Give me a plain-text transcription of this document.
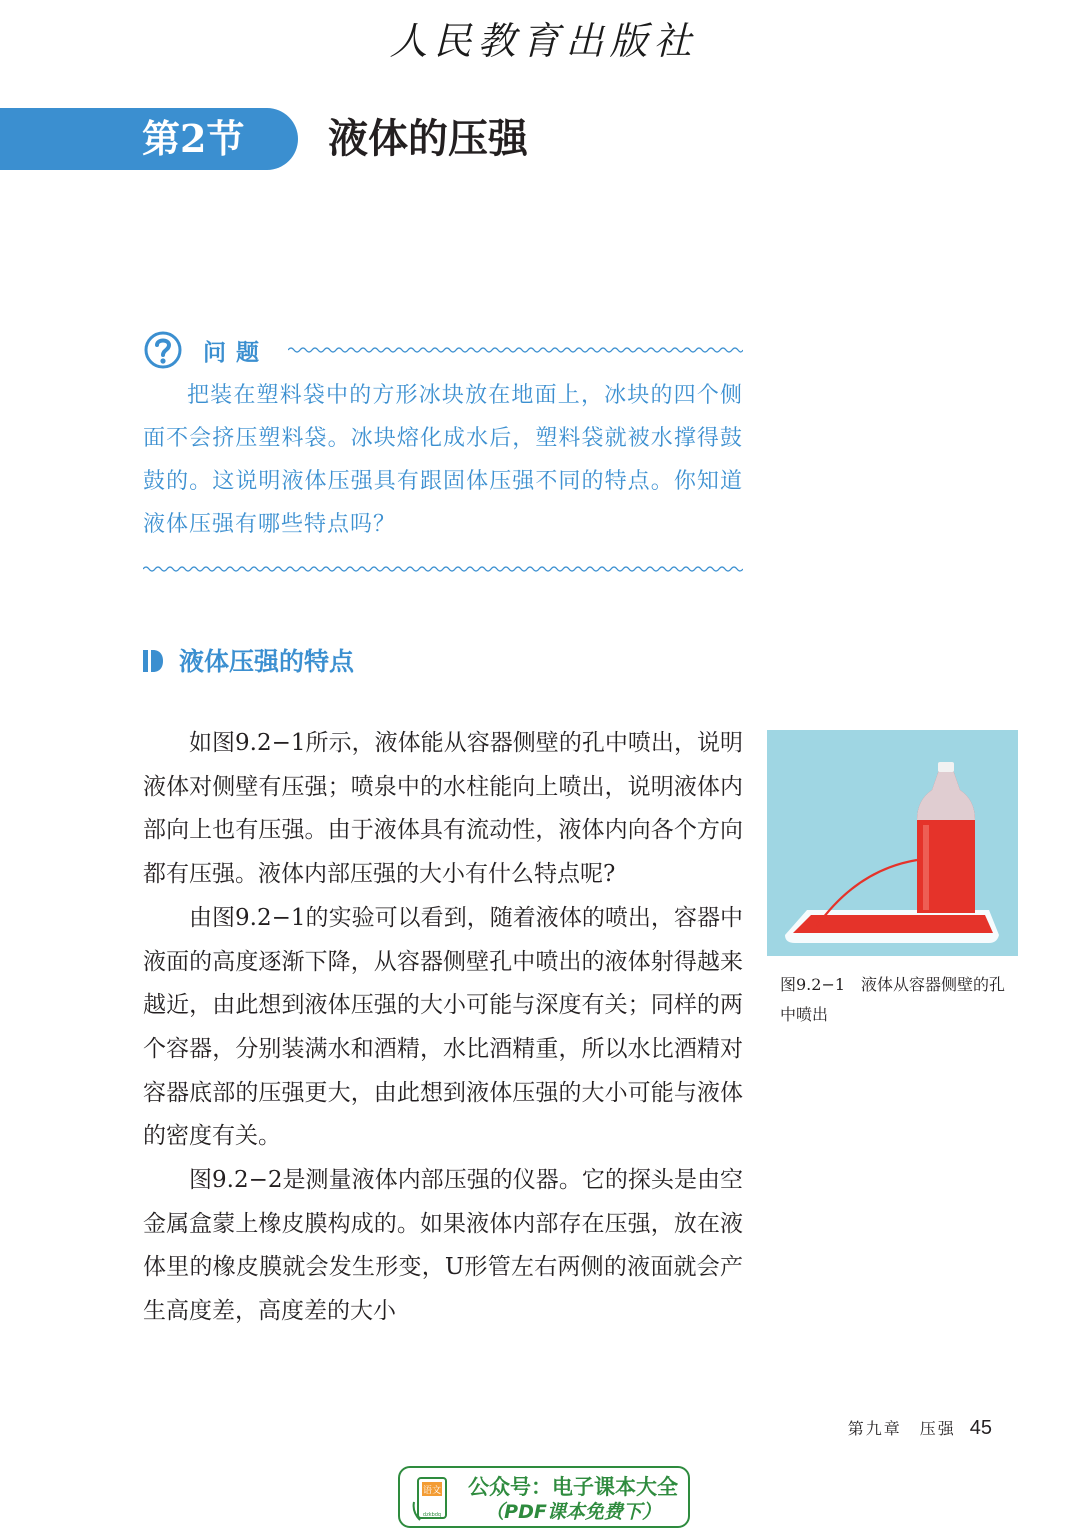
人民教育出版社
第2节 液体的压强
问题

把装在塑料袋中的方形冰块放在地面上，冰块的四个侧面不会挤压塑料袋。冰块熔化成水后，塑料袋就被水撑得鼓鼓的。这说明液体压强具有跟固体压强不同的特点。你知道液体压强有哪些特点吗？

液体压强的特点

如图9.2−1所示，液体能从容器侧壁的孔中喷出，说明液体对侧壁有压强；喷泉中的水柱能向上喷出，说明液体内部向上也有压强。由于液体具有流动性，液体内向各个方向都有压强。液体内部压强的大小有什么特点呢?

由图9.2−1的实验可以看到，随着液体的喷出，容器中液面的高度逐渐下降，从容器侧壁孔中喷出的液体射得越来越近，由此想到液体压强的大小可能与深度有关；同样的两个容器，分别装满水和酒精，水比酒精重，所以水比酒精对容器底部的压强更大，由此想到液体压强的大小可能与液体的密度有关。

图9.2−2是测量液体内部压强的仪器。它的探头是由空金属盒蒙上橡皮膜构成的。如果液体内部存在压强，放在液体里的橡皮膜就会发生形变，U形管左右两侧的液面就会产生高度差，高度差的大小

图9.2−1　液体从容器侧壁的孔中喷出
第九章　压强 45
语文
dzkbdq
公众号：电子课本大全
（PDF课本免费下）
